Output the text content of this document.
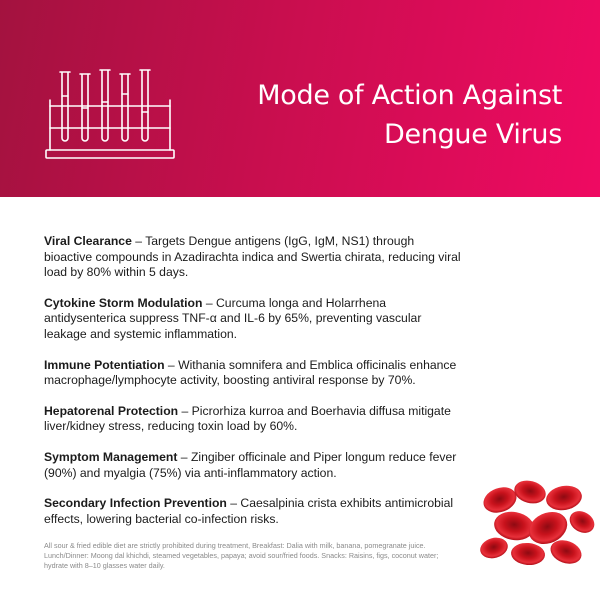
Mode of Action Against
Dengue Virus

Viral Clearance – Targets Dengue antigens (IgG, IgM, NS1) through bioactive compounds in Azadirachta indica and Swertia chirata, reducing viral load by 80% within 5 days.

Cytokine Storm Modulation – Curcuma longa and Holarrhena antidysenterica suppress TNF-α and IL-6 by 65%, preventing vascular leakage and systemic inflammation.

Immune Potentiation – Withania somnifera and Emblica officinalis enhance macrophage/lymphocyte activity, boosting antiviral response by 70%.

Hepatorenal Protection – Picrorhiza kurroa and Boerhavia diffusa mitigate liver/kidney stress, reducing toxin load by 60%.

Symptom Management – Zingiber officinale and Piper longum reduce fever (90%) and myalgia (75%) via anti-inflammatory action.

Secondary Infection Prevention – Caesalpinia crista exhibits antimicrobial effects, lowering bacterial co-infection risks.

All sour & fried edible diet are strictly prohibited during treatment, Breakfast: Dalia with milk, banana, pomegranate juice. Lunch/Dinner: Moong dal khichdi, steamed vegetables, papaya; avoid sour/fried foods. Snacks: Raisins, figs, coconut water; hydrate with 8–10 glasses water daily.
